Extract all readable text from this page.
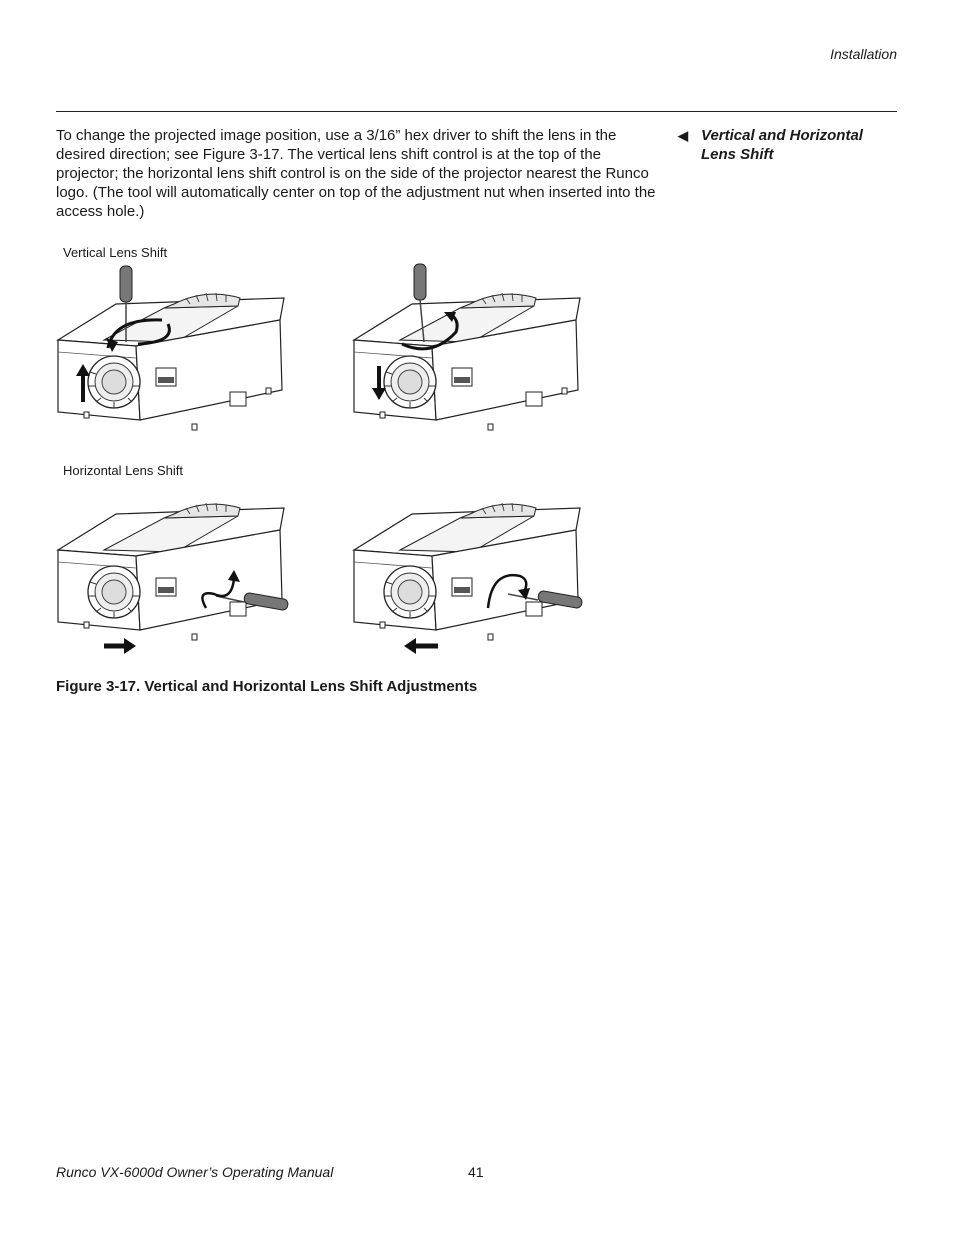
Installation
To change the projected image position, use a 3/16” hex driver to shift the lens in the desired direction; see Figure 3-17. The vertical lens shift control is at the top of the projector; the horizontal lens shift control is on the side of the projector nearest the Runco logo. (The tool will automatically center on top of the adjustment nut when inserted into the access hole.)
◀ Vertical and Horizontal Lens Shift
Vertical Lens Shift
Horizontal Lens Shift
Figure 3-17. Vertical and Horizontal Lens Shift Adjustments
Runco VX-6000d Owner’s Operating Manual	41
